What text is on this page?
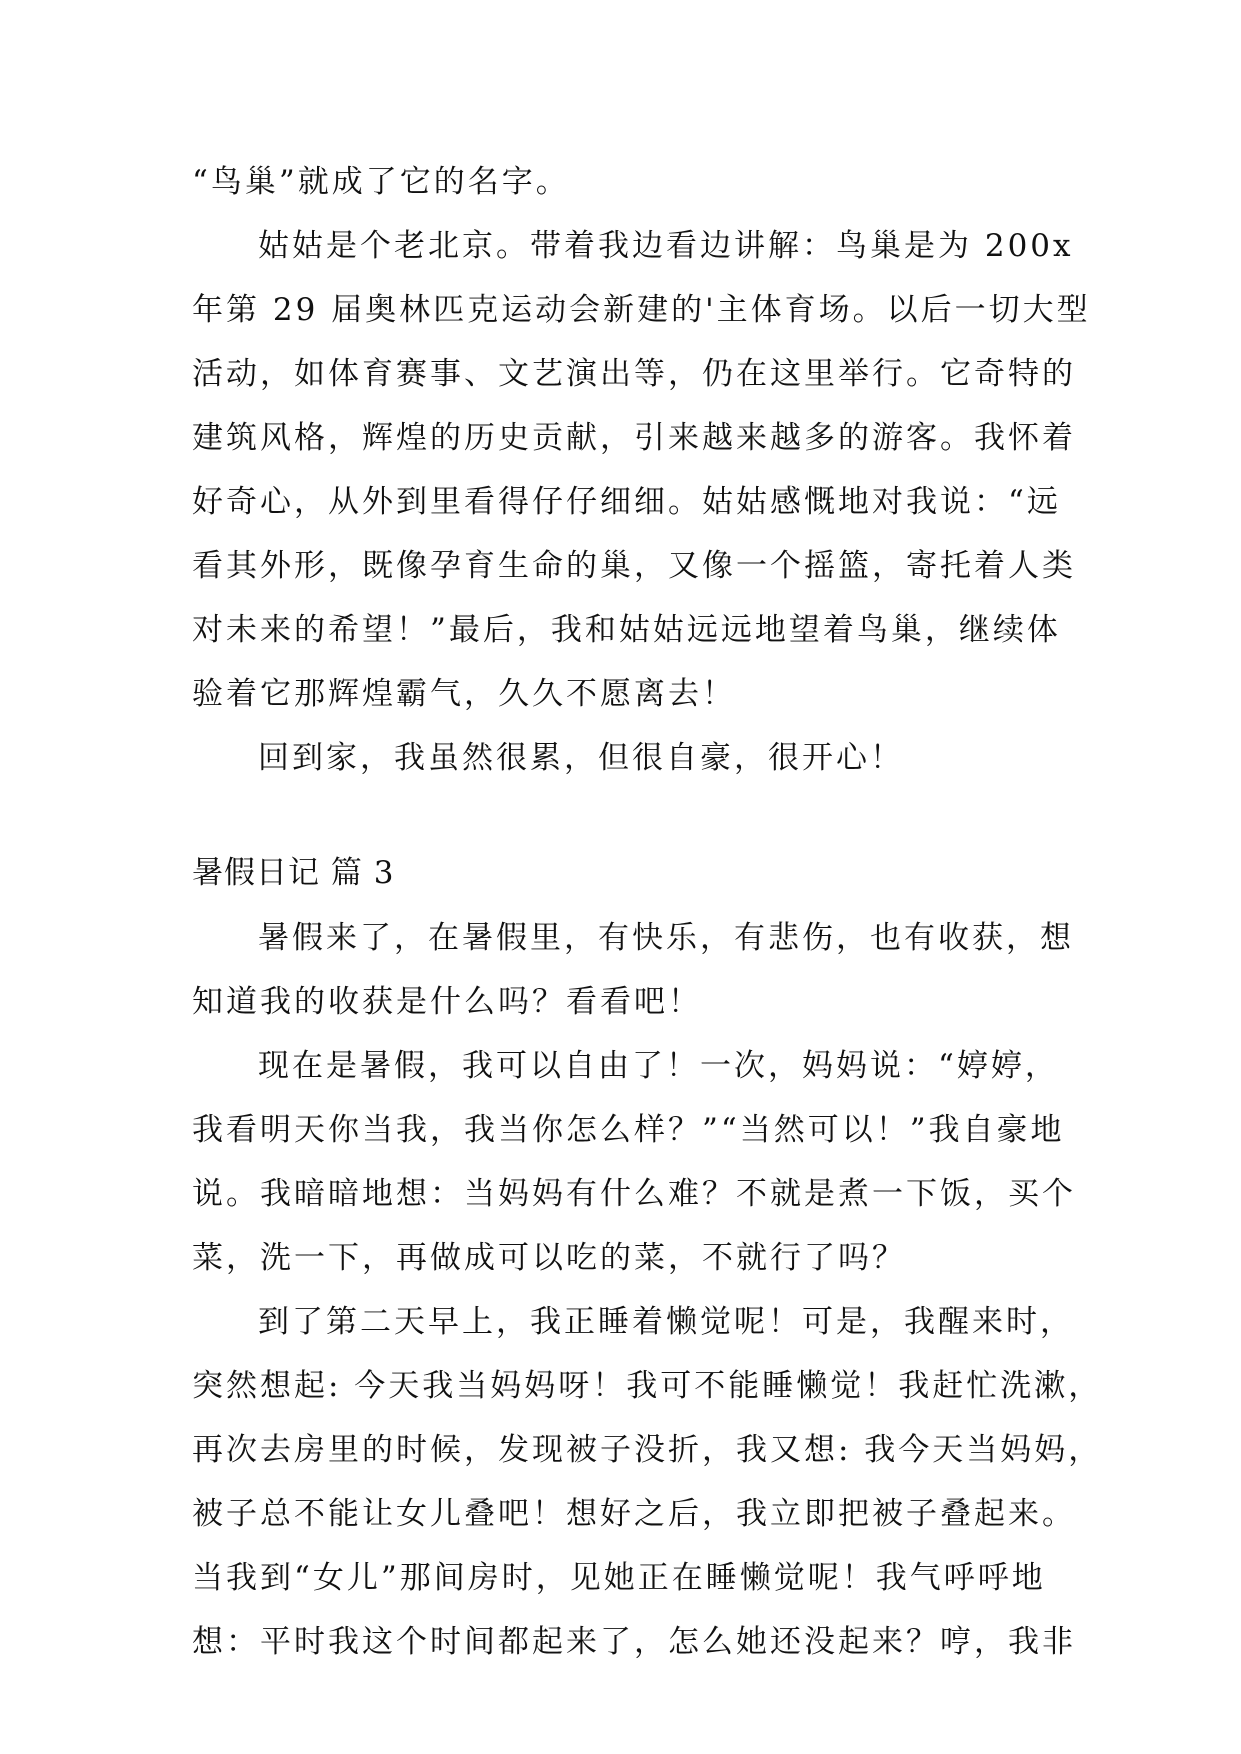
“鸟巢”就成了它的名字。
姑姑是个老北京。带着我边看边讲解：鸟巢是为 200x
年第 29 届奥林匹克运动会新建的'主体育场。以后一切大型
活动，如体育赛事、文艺演出等，仍在这里举行。它奇特的
建筑风格，辉煌的历史贡献，引来越来越多的游客。我怀着
好奇心，从外到里看得仔仔细细。姑姑感慨地对我说：“远
看其外形，既像孕育生命的巢，又像一个摇篮，寄托着人类
对未来的希望！”最后，我和姑姑远远地望着鸟巢，继续体
验着它那辉煌霸气，久久不愿离去！
回到家，我虽然很累，但很自豪，很开心！
暑假日记 篇 3
暑假来了，在暑假里，有快乐，有悲伤，也有收获，想
知道我的收获是什么吗？看看吧！
现在是暑假，我可以自由了！一次，妈妈说：“婷婷，
我看明天你当我，我当你怎么样？”“当然可以！”我自豪地
说。我暗暗地想：当妈妈有什么难？不就是煮一下饭，买个
菜，洗一下，再做成可以吃的菜，不就行了吗？
到了第二天早上，我正睡着懒觉呢！可是，我醒来时，
突然想起: 今天我当妈妈呀！我可不能睡懒觉！我赶忙洗漱，
再次去房里的时候，发现被子没折，我又想: 我今天当妈妈，
被子总不能让女儿叠吧！想好之后，我立即把被子叠起来。
当我到“女儿”那间房时，见她正在睡懒觉呢！我气呼呼地
想：平时我这个时间都起来了，怎么她还没起来？哼，我非
